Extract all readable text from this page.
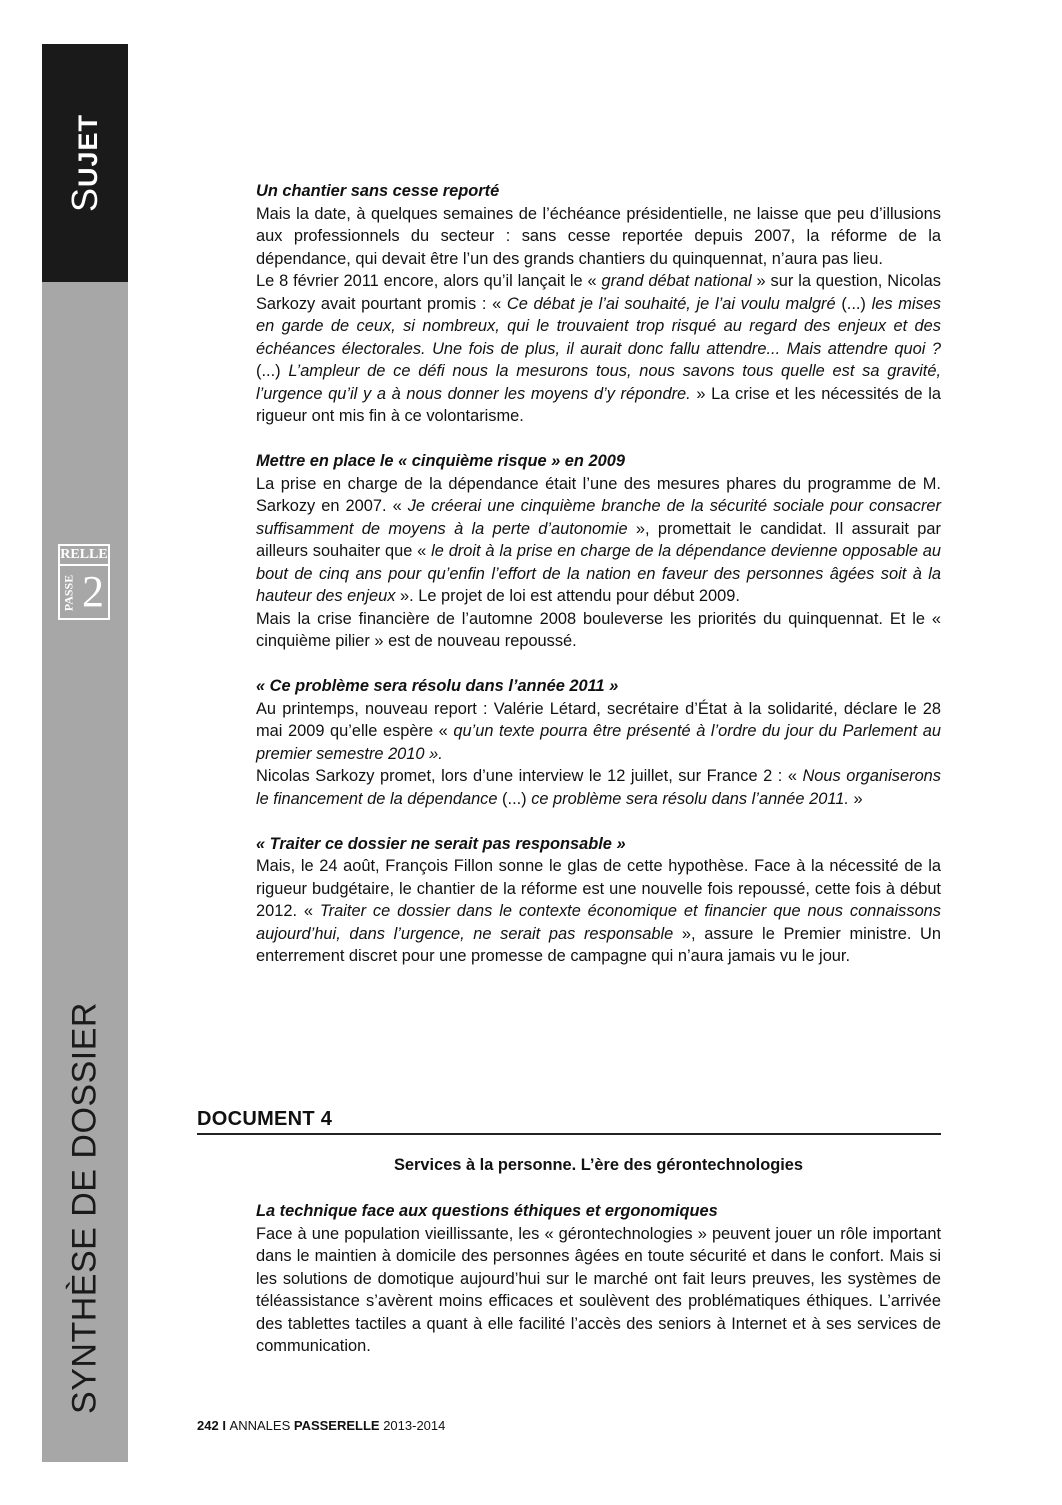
SUJET
RELLE
PASSE 2
SYNTHÈSE DE DOSSIER
Un chantier sans cesse reporté

Mais la date, à quelques semaines de l’échéance présidentielle, ne laisse que peu d’illusions aux professionnels du secteur : sans cesse reportée depuis 2007, la réforme de la dépendance, qui devait être l’un des grands chantiers du quinquennat, n’aura pas lieu.

Le 8 février 2011 encore, alors qu’il lançait le « grand débat national » sur la question, Nicolas Sarkozy avait pourtant promis : « Ce débat je l’ai souhaité, je l’ai voulu malgré (...) les mises en garde de ceux, si nombreux, qui le trouvaient trop risqué au regard des enjeux et des échéances électorales. Une fois de plus, il aurait donc fallu attendre... Mais attendre quoi ? (...) L’ampleur de ce défi nous la mesurons tous, nous savons tous quelle est sa gravité, l’urgence qu’il y a à nous donner les moyens d’y répondre. » La crise et les nécessités de la rigueur ont mis fin à ce volontarisme.

Mettre en place le « cinquième risque » en 2009

La prise en charge de la dépendance était l’une des mesures phares du programme de M. Sarkozy en 2007. « Je créerai une cinquième branche de la sécurité sociale pour consacrer suffisamment de moyens à la perte d’autonomie », promettait le candidat. Il assurait par ailleurs souhaiter que « le droit à la prise en charge de la dépendance devienne opposable au bout de cinq ans pour qu’enfin l’effort de la nation en faveur des personnes âgées soit à la hauteur des enjeux ». Le projet de loi est attendu pour début 2009.

Mais la crise financière de l’automne 2008 bouleverse les priorités du quinquennat. Et le « cinquième pilier » est de nouveau repoussé.

« Ce problème sera résolu dans l’année 2011 »

Au printemps, nouveau report : Valérie Létard, secrétaire d’État à la solidarité, déclare le 28 mai 2009 qu’elle espère « qu’un texte pourra être présenté à l’ordre du jour du Parlement au premier semestre 2010 ».

Nicolas Sarkozy promet, lors d’une interview le 12 juillet, sur France 2 : « Nous organiserons le financement de la dépendance (...) ce problème sera résolu dans l’année 2011. »

« Traiter ce dossier ne serait pas responsable »

Mais, le 24 août, François Fillon sonne le glas de cette hypothèse. Face à la nécessité de la rigueur budgétaire, le chantier de la réforme est une nouvelle fois repoussé, cette fois à début 2012. « Traiter ce dossier dans le contexte économique et financier que nous connaissons aujourd’hui, dans l’urgence, ne serait pas responsable », assure le Premier ministre. Un enterrement discret pour une promesse de campagne qui n’aura jamais vu le jour.

DOCUMENT 4
Services à la personne. L’ère des gérontechnologies
La technique face aux questions éthiques et ergonomiques

Face à une population vieillissante, les « gérontechnologies » peuvent jouer un rôle important dans le maintien à domicile des personnes âgées en toute sécurité et dans le confort. Mais si les solutions de domotique aujourd’hui sur le marché ont fait leurs preuves, les systèmes de téléassistance s’avèrent moins efficaces et soulèvent des problématiques éthiques. L’arrivée des tablettes tactiles a quant à elle facilité l’accès des seniors à Internet et à ses services de communication.

242 I ANNALES PASSERELLE 2013-2014
